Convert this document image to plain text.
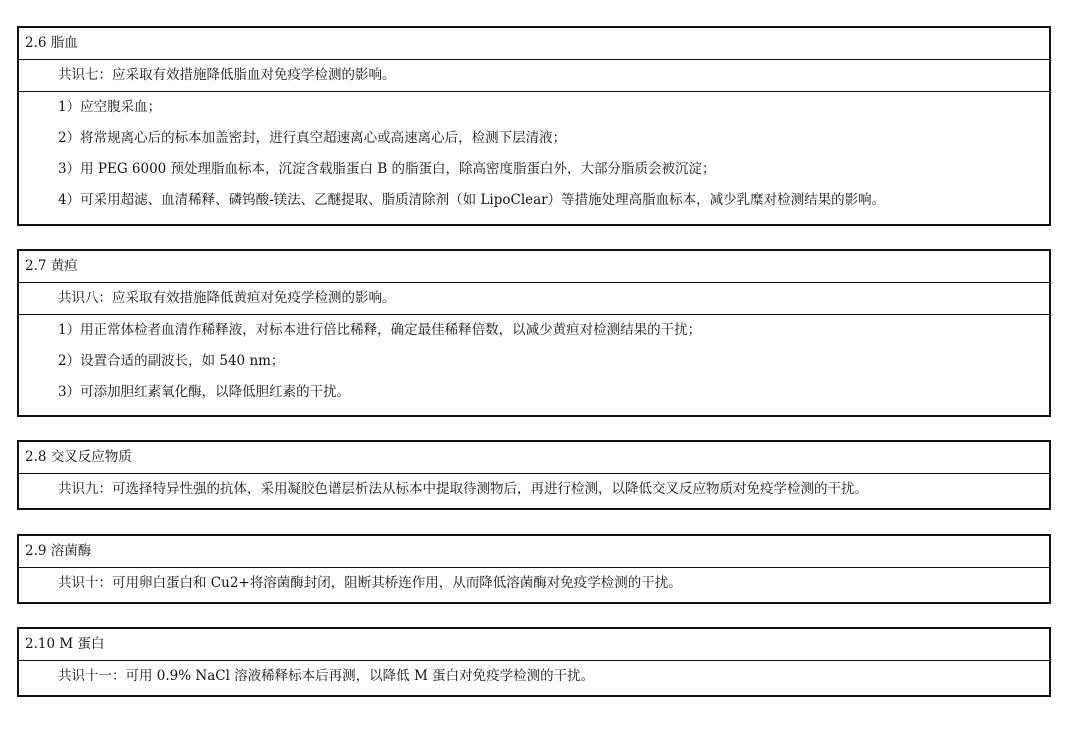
2.6 脂血
共识七：应采取有效措施降低脂血对免疫学检测的影响。
1）应空腹采血；
2）将常规离心后的标本加盖密封，进行真空超速离心或高速离心后，检测下层清液；
3）用 PEG 6000 预处理脂血标本，沉淀含载脂蛋白 B 的脂蛋白，除高密度脂蛋白外，大部分脂质会被沉淀；
4）可采用超滤、血清稀释、磷钨酸-镁法、乙醚提取、脂质清除剂（如 LipoClear）等措施处理高脂血标本，减少乳糜对检测结果的影响。
2.7 黄疸
共识八：应采取有效措施降低黄疸对免疫学检测的影响。
1）用正常体检者血清作稀释液，对标本进行倍比稀释，确定最佳稀释倍数，以减少黄疸对检测结果的干扰；
2）设置合适的副波长，如 540 nm；
3）可添加胆红素氧化酶，以降低胆红素的干扰。
2.8 交叉反应物质
共识九：可选择特异性强的抗体，采用凝胶色谱层析法从标本中提取待测物后，再进行检测，以降低交叉反应物质对免疫学检测的干扰。
2.9 溶菌酶
共识十：可用卵白蛋白和 Cu2+将溶菌酶封闭，阻断其桥连作用，从而降低溶菌酶对免疫学检测的干扰。
2.10 M 蛋白
共识十一：可用 0.9% NaCl 溶液稀释标本后再测，以降低 M 蛋白对免疫学检测的干扰。
